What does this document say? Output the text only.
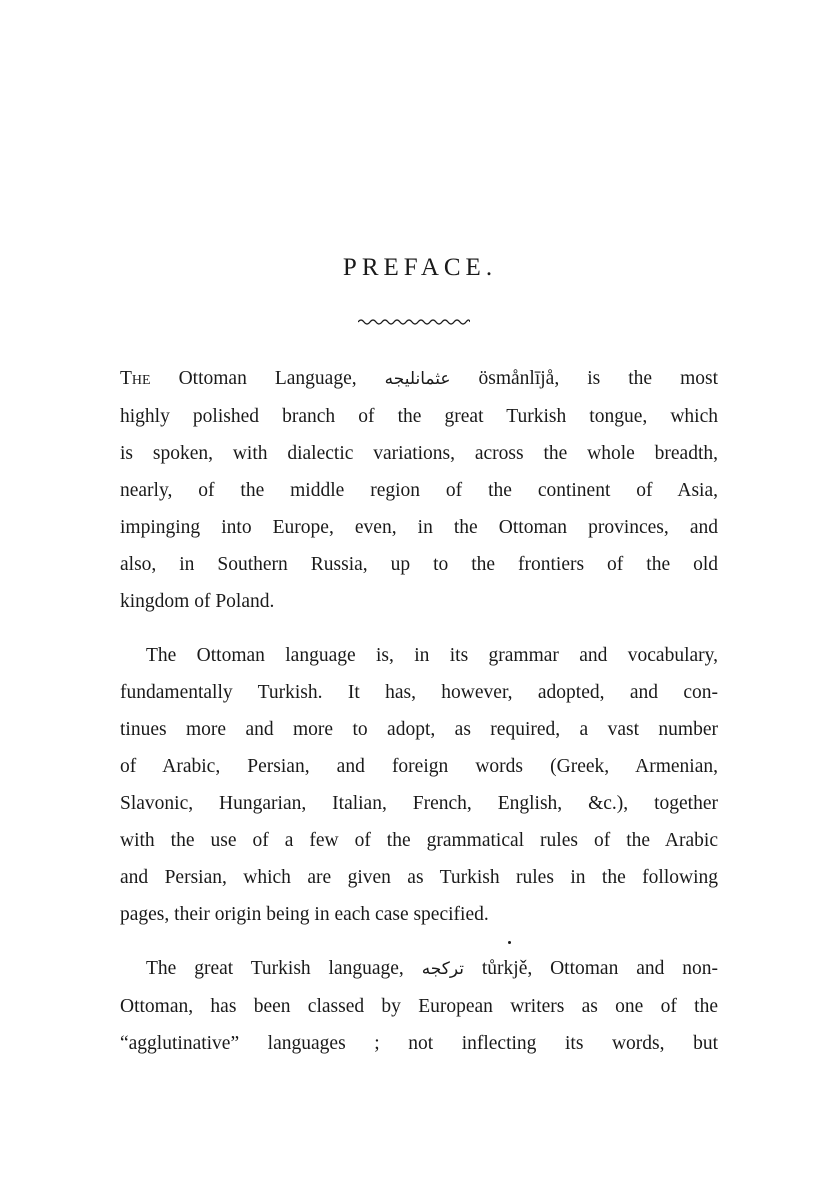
PREFACE.
The Ottoman Language, عثمانلیجه ösmånlījå, is the most
highly polished branch of the great Turkish tongue, which
is spoken, with dialectic variations, across the whole breadth,
nearly, of the middle region of the continent of Asia,
impinging into Europe, even, in the Ottoman provinces, and
also, in Southern Russia, up to the frontiers of the old
kingdom of Poland.
The Ottoman language is, in its grammar and vocabulary,
fundamentally Turkish. It has, however, adopted, and con-
tinues more and more to adopt, as required, a vast number
of Arabic, Persian, and foreign words (Greek, Armenian,
Slavonic, Hungarian, Italian, French, English, &c.), together
with the use of a few of the grammatical rules of the Arabic
and Persian, which are given as Turkish rules in the following
pages, their origin being in each case specified.
The great Turkish language, تركجه tůrkjě, Ottoman and non-
Ottoman, has been classed by European writers as one of the
“agglutinative” languages ; not inflecting its words, but
